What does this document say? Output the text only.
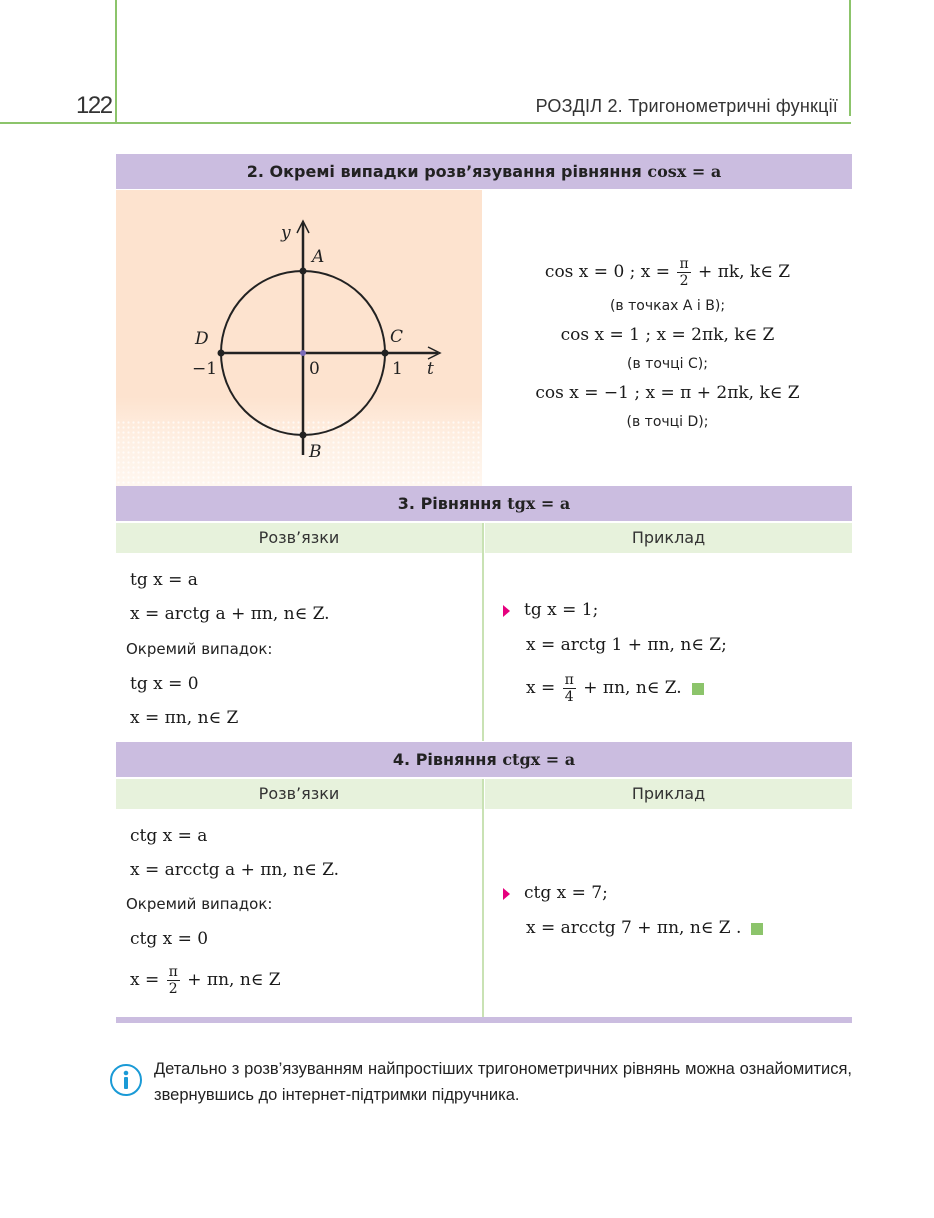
122	РОЗДІЛ 2. Тригонометричні функції
2. Окремі випадки розв’язування рівняння cosx = a
y
A
B
C
D
−1	0	1 t
cos x = 0 ; $x = \frac{\pi}{2} + \pi k$, k∈ Z
(в точках A і B);
cos x = 1 ; x = 2πk, k∈ Z
(в точці C);
cos x = −1 ; x = π + 2πk, k∈ Z
(в точці D);
3. Рівняння tgx = a
Розв’язки	Приклад
tg x = a
x = arctg a + πn, n∈ Z.
Окремий випадок:
tg x = 0
x = πn, n∈ Z
tg x = 1;
x = arctg 1 + πn, n∈ Z;
$x = \frac{\pi}{4} + \pi n$, n∈ Z.
4. Рівняння ctgx = a
Розв’язки	Приклад
ctg x = a
x = arcctg a + πn, n∈ Z.
Окремий випадок:
ctg x = 0
$x = \frac{\pi}{2} + \pi n$, n∈ Z
ctg x = 7;
x = arcctg 7 + πn, n∈ Z .
Детально з розв’язуванням найпростіших тригонометричних рівнянь можна ознайомитися, звернувшись до інтернет-підтримки підручника.
